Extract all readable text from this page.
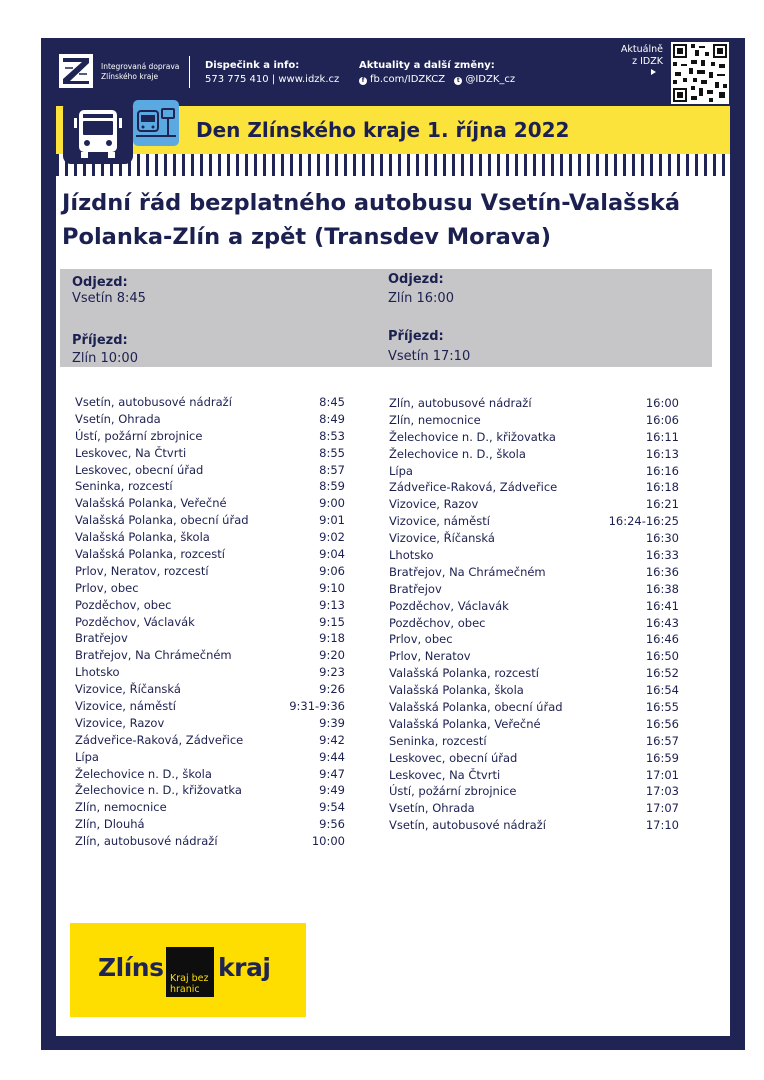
Integrovaná doprava
Zlínského kraje
Dispečink a info:
573 775 410 | www.idzk.cz
Aktuality a další změny:
f fb.com/IDZKCZ t @IDZK_cz
Aktuálně
z IDZK
Den Zlínského kraje 1. října 2022
Jízdní řád bezplatného autobusu Vsetín-Valašská
Polanka-Zlín a zpět (Transdev Morava)
Odjezd:
Vsetín 8:45
Příjezd:
Zlín 10:00
Odjezd:
Zlín 16:00
Příjezd:
Vsetín 17:10
Vsetín, autobusové nádraží	8:45
Vsetín, Ohrada	8:49
Ústí, požární zbrojnice	8:53
Leskovec, Na Čtvrti	8:55
Leskovec, obecní úřad	8:57
Seninka, rozcestí	8:59
Valašská Polanka, Veřečné	9:00
Valašská Polanka, obecní úřad	9:01
Valašská Polanka, škola	9:02
Valašská Polanka, rozcestí	9:04
Prlov, Neratov, rozcestí	9:06
Prlov, obec	9:10
Pozděchov, obec	9:13
Pozděchov, Václavák	9:15
Bratřejov	9:18
Bratřejov, Na Chrámečném	9:20
Lhotsko	9:23
Vizovice, Říčanská	9:26
Vizovice, náměstí	9:31-9:36
Vizovice, Razov	9:39
Zádveřice-Raková, Zádveřice	9:42
Lípa	9:44
Želechovice n. D., škola	9:47
Želechovice n. D., křižovatka	9:49
Zlín, nemocnice	9:54
Zlín, Dlouhá	9:56
Zlín, autobusové nádraží	10:00
Zlín, autobusové nádraží	16:00
Zlín, nemocnice	16:06
Želechovice n. D., křižovatka	16:11
Želechovice n. D., škola	16:13
Lípa	16:16
Zádveřice-Raková, Zádveřice	16:18
Vizovice, Razov	16:21
Vizovice, náměstí	16:24-16:25
Vizovice, Říčanská	16:30
Lhotsko	16:33
Bratřejov, Na Chrámečném	16:36
Bratřejov	16:38
Pozděchov, Václavák	16:41
Pozděchov, obec	16:43
Prlov, obec	16:46
Prlov, Neratov	16:50
Valašská Polanka, rozcestí	16:52
Valašská Polanka, škola	16:54
Valašská Polanka, obecní úřad	16:55
Valašská Polanka, Veřečné	16:56
Seninka, rozcestí	16:57
Leskovec, obecní úřad	16:59
Leskovec, Na Čtvrti	17:01
Ústí, požární zbrojnice	17:03
Vsetín, Ohrada	17:07
Vsetín, autobusové nádraží	17:10
Zlíns Kraj bez
hranic
kraj
